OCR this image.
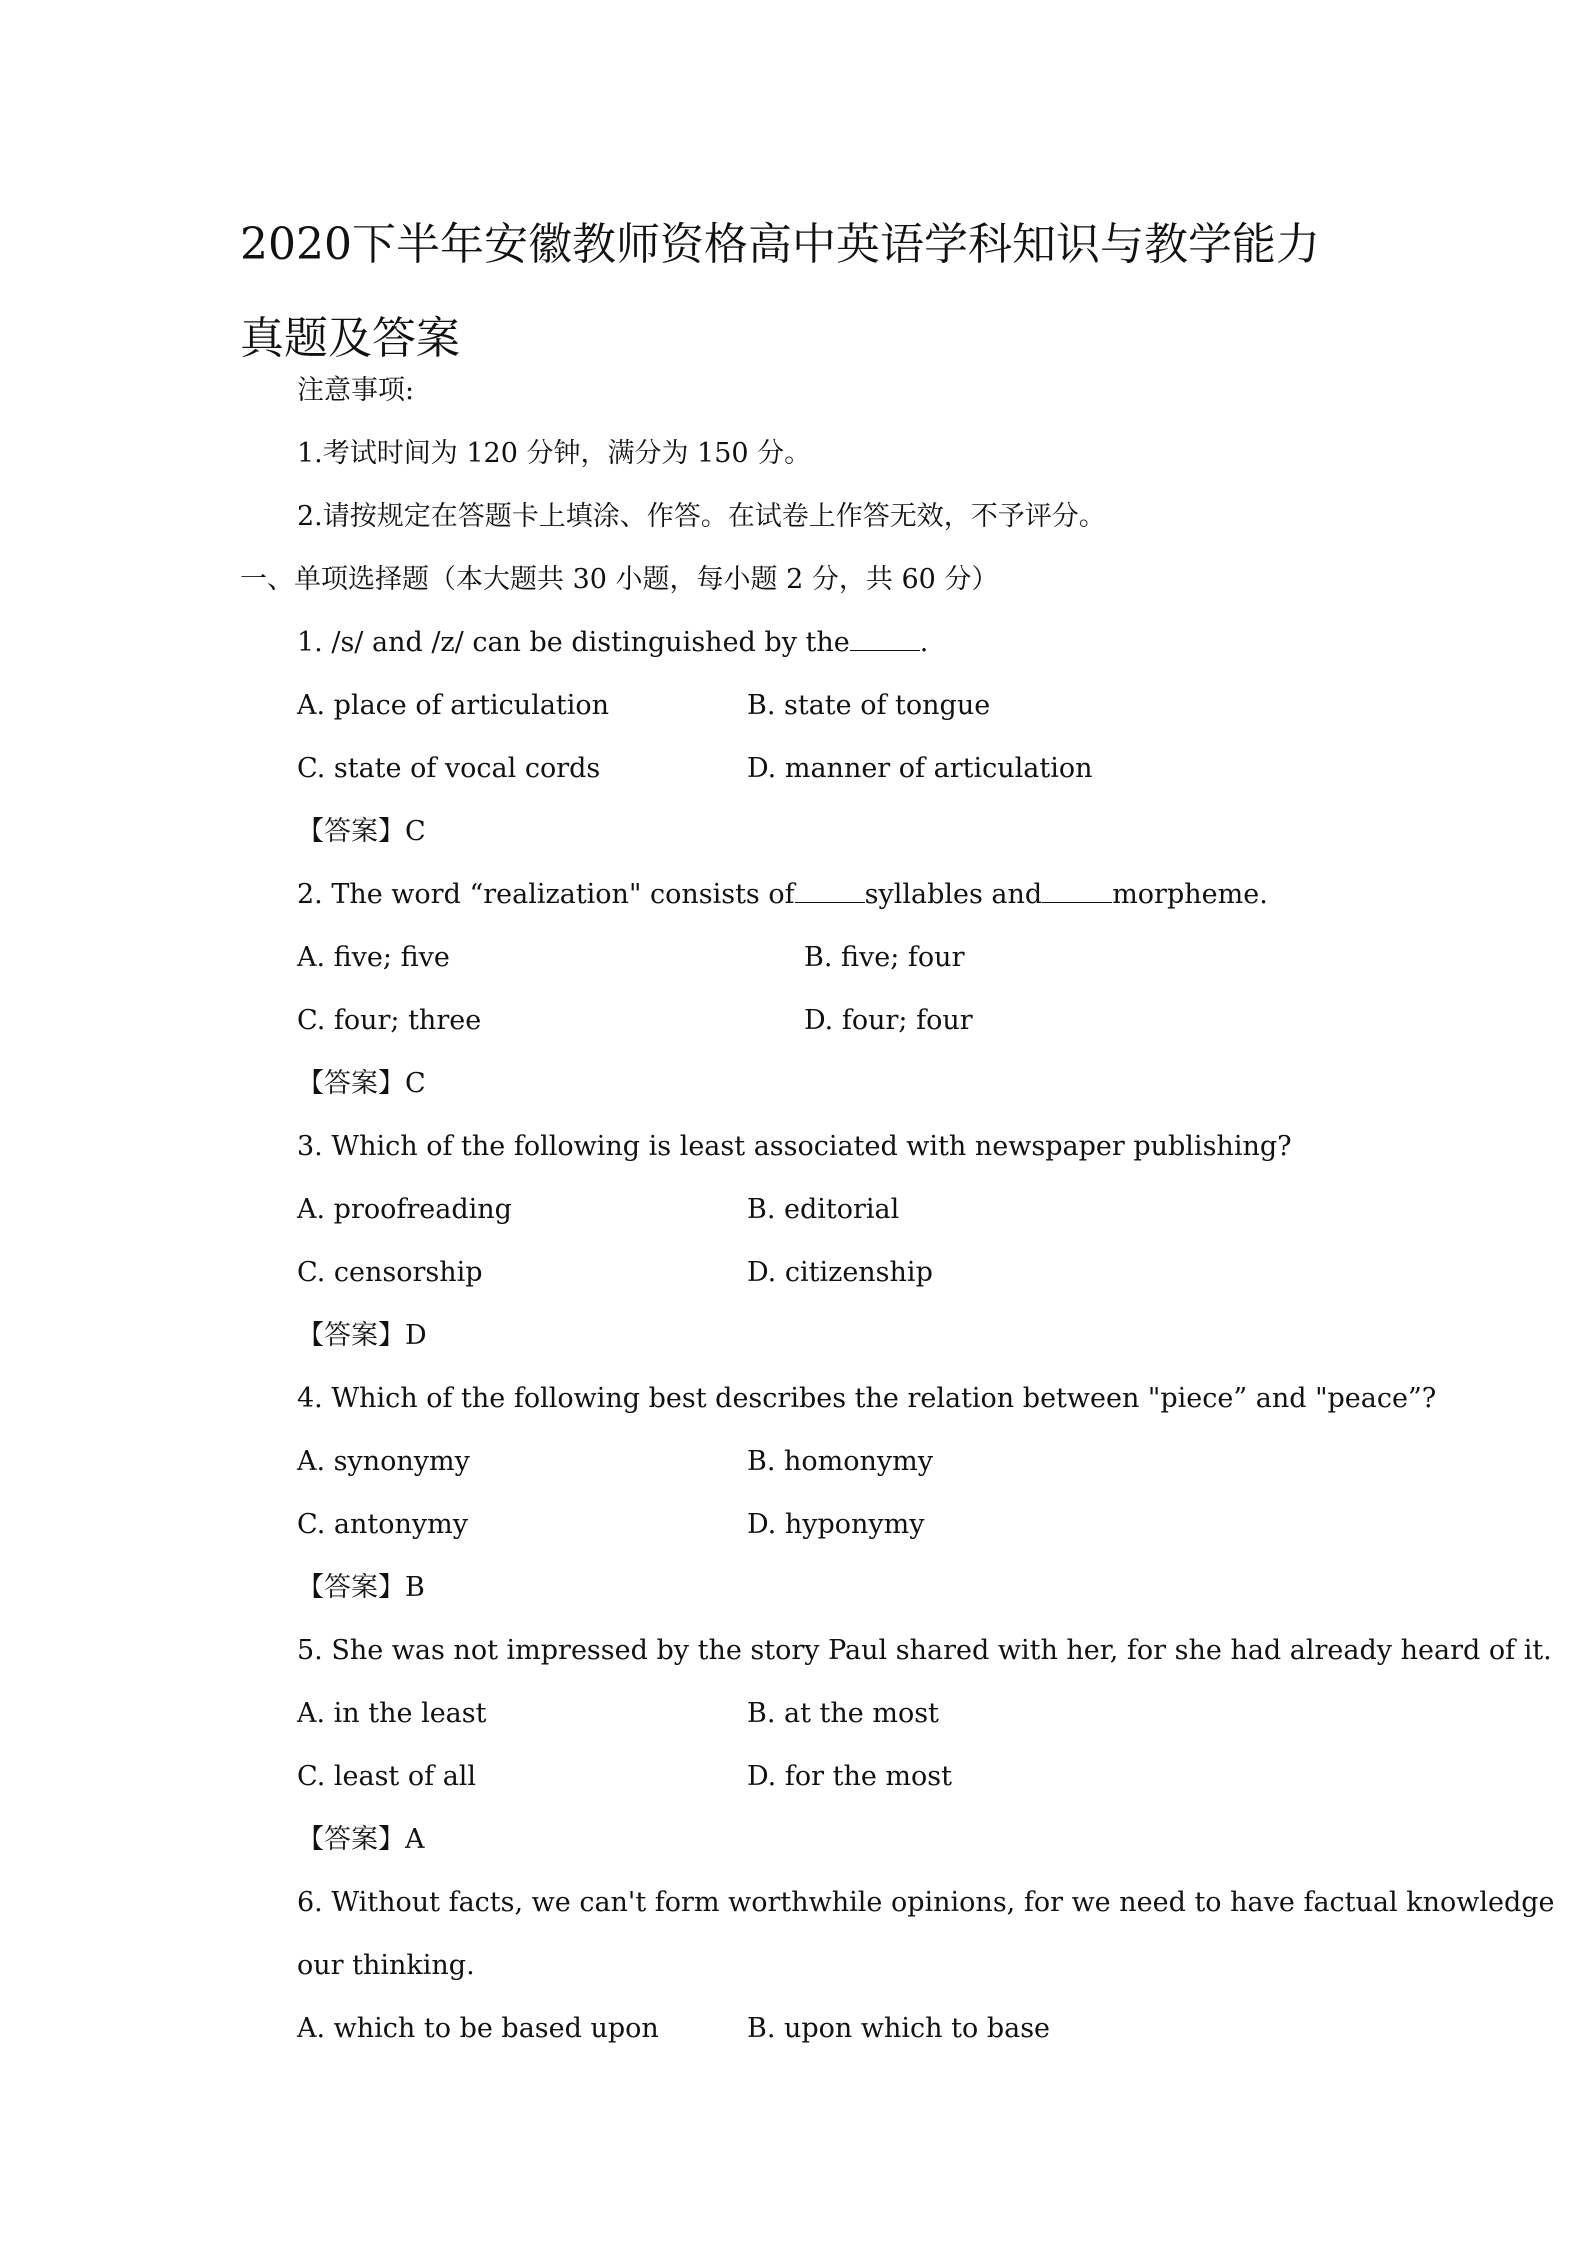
2020下半年安徽教师资格高中英语学科知识与教学能力真题及答案
注意事项:
1.考试时间为 120 分钟，满分为 150 分。
2.请按规定在答题卡上填涂、作答。在试卷上作答无效，不予评分。
一、单项选择题（本大题共 30 小题，每小题 2 分，共 60 分）
1. /s/ and /z/ can be distinguished by the	.
A. place of articulation	B. state of tongue
C. state of vocal cords	D. manner of articulation
【答案】C
2. The word “realization" consists of	syllables and	morpheme.
A. five; five	B. five; four
C. four; three	D. four; four
【答案】C
3. Which of the following is least associated with newspaper publishing?
A. proofreading	B. editorial
C. censorship	D. citizenship
【答案】D
4. Which of the following best describes the relation between "piece” and "peace”?
A. synonymy	B. homonymy
C. antonymy	D. hyponymy
【答案】B
5. She was not impressed by the story Paul shared with her, for she had already heard of it.
A. in the least	B. at the most
C. least of all	D. for the most
【答案】A
6. Without facts, we can't form worthwhile opinions, for we need to have factual knowledge
our thinking.
A. which to be based upon	B. upon which to base
